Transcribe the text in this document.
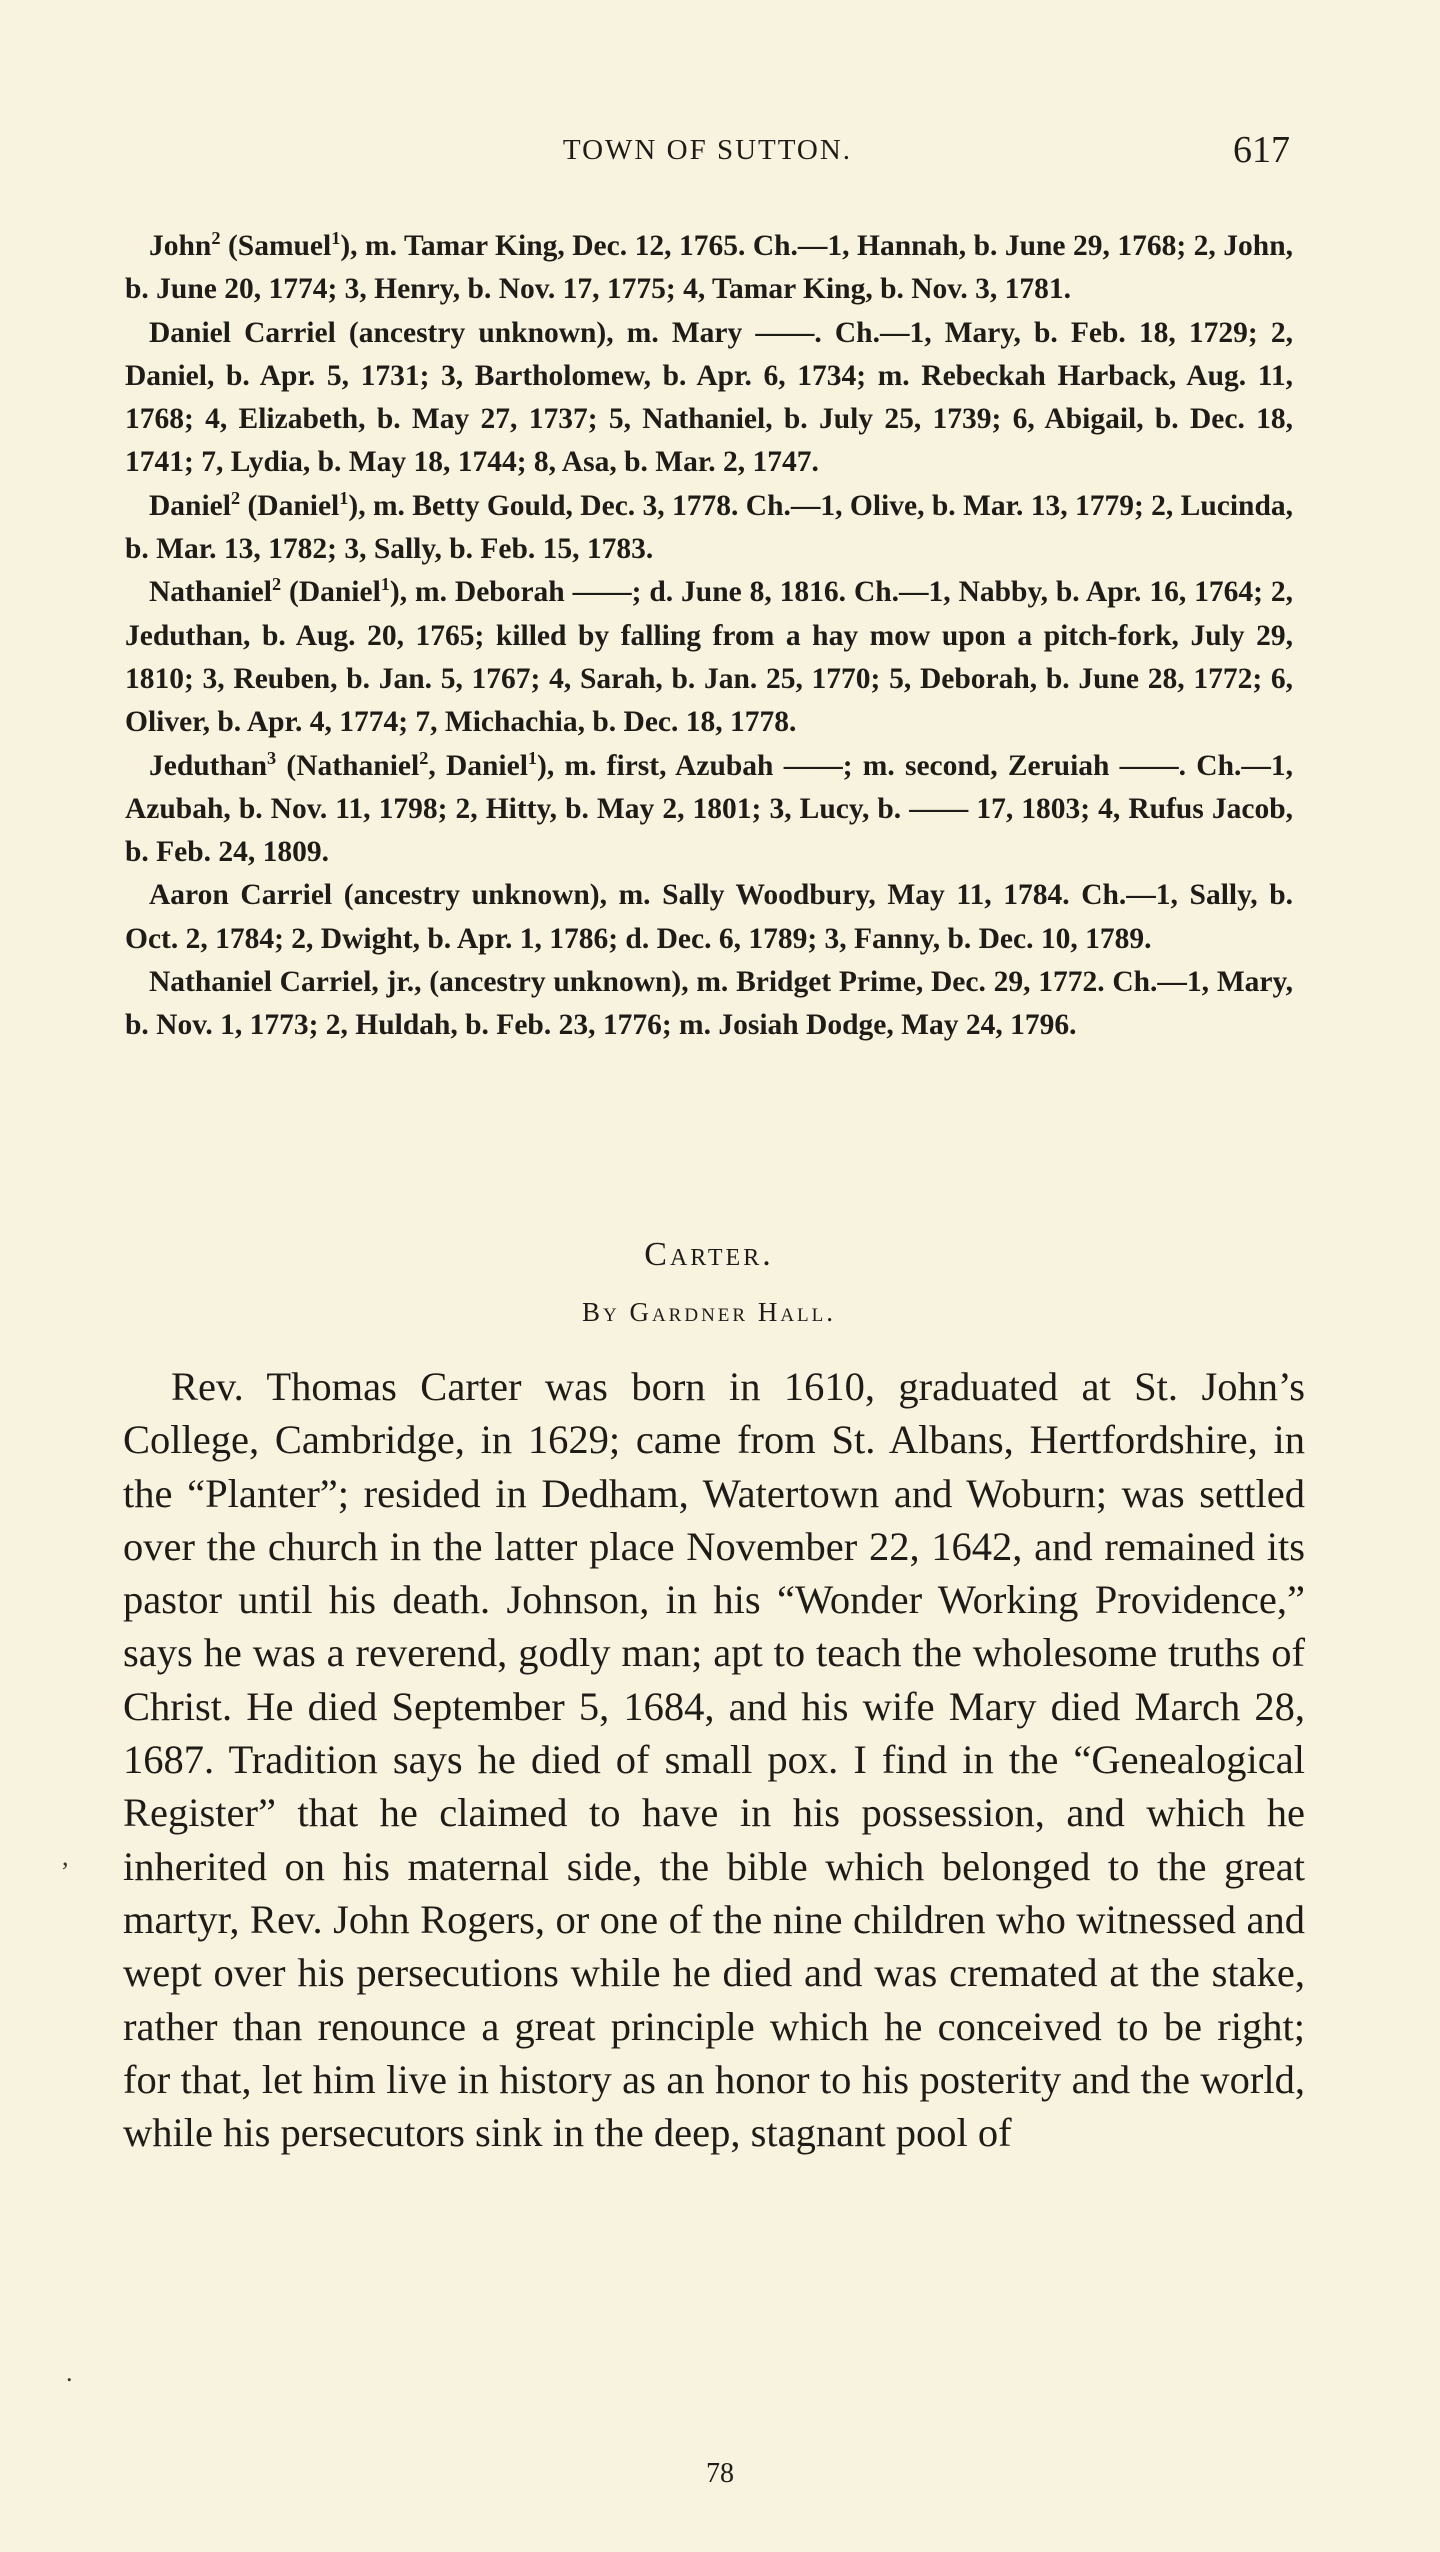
TOWN OF SUTTON.	617

John$^2$ (Samuel$^1$), m. Tamar King, Dec. 12, 1765. Ch.—1, Hannah, b. June 29, 1768; 2, John, b. June 20, 1774; 3, Henry, b. Nov. 17, 1775; 4, Tamar King, b. Nov. 3, 1781.

Daniel Carriel (ancestry unknown), m. Mary ——. Ch.—1, Mary, b. Feb. 18, 1729; 2, Daniel, b. Apr. 5, 1731; 3, Bartholomew, b. Apr. 6, 1734; m. Rebeckah Harback, Aug. 11, 1768; 4, Elizabeth, b. May 27, 1737; 5, Nathaniel, b. July 25, 1739; 6, Abigail, b. Dec. 18, 1741; 7, Lydia, b. May 18, 1744; 8, Asa, b. Mar. 2, 1747.

Daniel$^2$ (Daniel$^1$), m. Betty Gould, Dec. 3, 1778. Ch.—1, Olive, b. Mar. 13, 1779; 2, Lucinda, b. Mar. 13, 1782; 3, Sally, b. Feb. 15, 1783.

Nathaniel$^2$ (Daniel$^1$), m. Deborah ——; d. June 8, 1816. Ch.—1, Nabby, b. Apr. 16, 1764; 2, Jeduthan, b. Aug. 20, 1765; killed by falling from a hay mow upon a pitch-fork, July 29, 1810; 3, Reuben, b. Jan. 5, 1767; 4, Sarah, b. Jan. 25, 1770; 5, Deborah, b. June 28, 1772; 6, Oliver, b. Apr. 4, 1774; 7, Michachia, b. Dec. 18, 1778.

Jeduthan$^3$ (Nathaniel$^2$, Daniel$^1$), m. first, Azubah ——; m. second, Zeruiah ——. Ch.—1, Azubah, b. Nov. 11, 1798; 2, Hitty, b. May 2, 1801; 3, Lucy, b. —— 17, 1803; 4, Rufus Jacob, b. Feb. 24, 1809.

Aaron Carriel (ancestry unknown), m. Sally Woodbury, May 11, 1784. Ch.—1, Sally, b. Oct. 2, 1784; 2, Dwight, b. Apr. 1, 1786; d. Dec. 6, 1789; 3, Fanny, b. Dec. 10, 1789.

Nathaniel Carriel, jr., (ancestry unknown), m. Bridget Prime, Dec. 29, 1772. Ch.—1, Mary, b. Nov. 1, 1773; 2, Huldah, b. Feb. 23, 1776; m. Josiah Dodge, May 24, 1796.

Carter.
By Gardner Hall.

Rev. Thomas Carter was born in 1610, graduated at St. John’s College, Cambridge, in 1629; came from St. Albans, Hertfordshire, in the “Planter”; resided in Dedham, Watertown and Woburn; was settled over the church in the latter place November 22, 1642, and remained its pastor until his death. Johnson, in his “Wonder Working Providence,” says he was a reverend, godly man; apt to teach the wholesome truths of Christ. He died September 5, 1684, and his wife Mary died March 28, 1687. Tradition says he died of small pox. I find in the “Genealogical Register” that he claimed to have in his possession, and which he inherited on his maternal side, the bible which belonged to the great martyr, Rev. John Rogers, or one of the nine children who witnessed and wept over his persecutions while he died and was cremated at the stake, rather than renounce a great principle which he conceived to be right; for that, let him live in history as an honor to his posterity and the world, while his persecutors sink in the deep, stagnant pool of

,
.
78
